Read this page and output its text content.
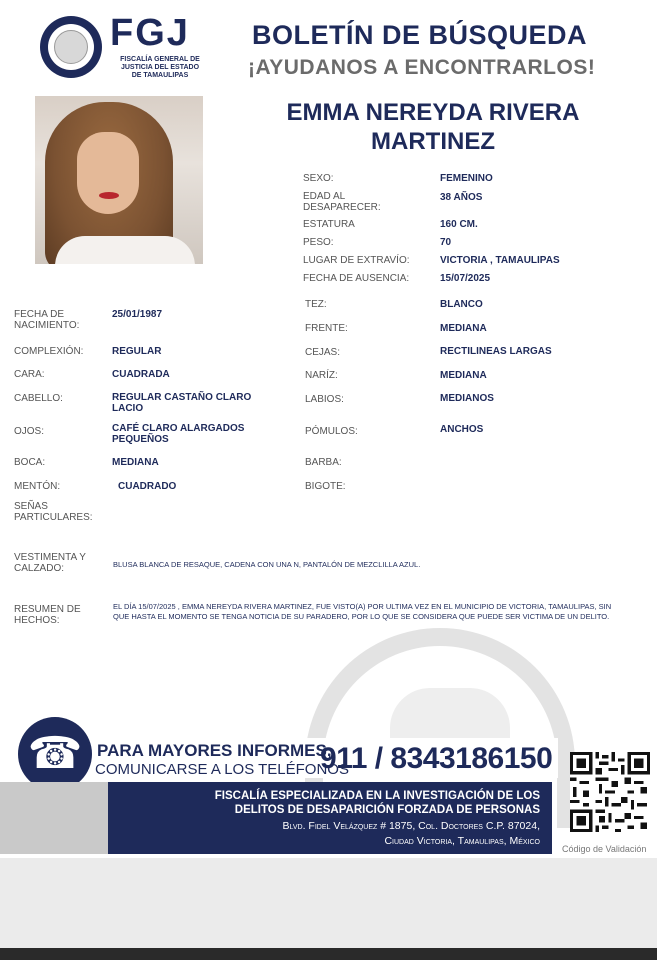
FGJ
FISCALÍA GENERAL DE
JUSTICIA DEL ESTADO
DE TAMAULIPAS
BOLETÍN DE BÚSQUEDA
¡AYUDANOS A ENCONTRARLOS!
EMMA NEREYDA RIVERA
MARTINEZ
SEXO:	FEMENINO
EDAD AL DESAPARECER:
38 AÑOS
ESTATURA	160 CM.
PESO:	70
LUGAR DE EXTRAVÍO:	VICTORIA , TAMAULIPAS
FECHA DE AUSENCIA:	15/07/2025
TEZ:	BLANCO
FRENTE:	MEDIANA
CEJAS:	RECTILINEAS LARGAS
NARÍZ:	MEDIANA
LABIOS:	MEDIANOS
PÓMULOS:	ANCHOS
BARBA:
BIGOTE:
FECHA DE NACIMIENTO:
25/01/1987
COMPLEXIÓN:	REGULAR
CARA:	CUADRADA
CABELLO:	REGULAR CASTAÑO CLARO LACIO
OJOS:	CAFÉ CLARO ALARGADOS PEQUEÑOS
BOCA:	MEDIANA
MENTÓN:	CUADRADO
SEÑAS PARTICULARES:
VESTIMENTA Y CALZADO:	BLUSA BLANCA DE RESAQUE, CADENA CON UNA N, PANTALÓN DE MEZCLILLA AZUL.
RESUMEN DE HECHOS:
EL DÍA 15/07/2025 , EMMA NEREYDA RIVERA MARTINEZ, FUE VISTO(A) POR ULTIMA VEZ EN EL MUNICIPIO DE VICTORIA, TAMAULIPAS, SIN QUE HASTA EL MOMENTO SE TENGA NOTICIA DE SU PARADERO, POR LO QUE SE CONSIDERA QUE PUEDE SER VICTIMA DE UN DELITO.
☎ PARA MAYORES INFORMES,
COMUNICARSE A LOS TELÉFONOS
911 / 8343186150
FISCALÍA ESPECIALIZADA EN LA INVESTIGACIÓN DE LOS
DELITOS DE DESAPARICIÓN FORZADA DE PERSONAS
Blvd. Fidel Velázquez # 1875, Col. Doctores C.P. 87024,
Ciudad Victoria, Tamaulipas, México
Código de Validación
